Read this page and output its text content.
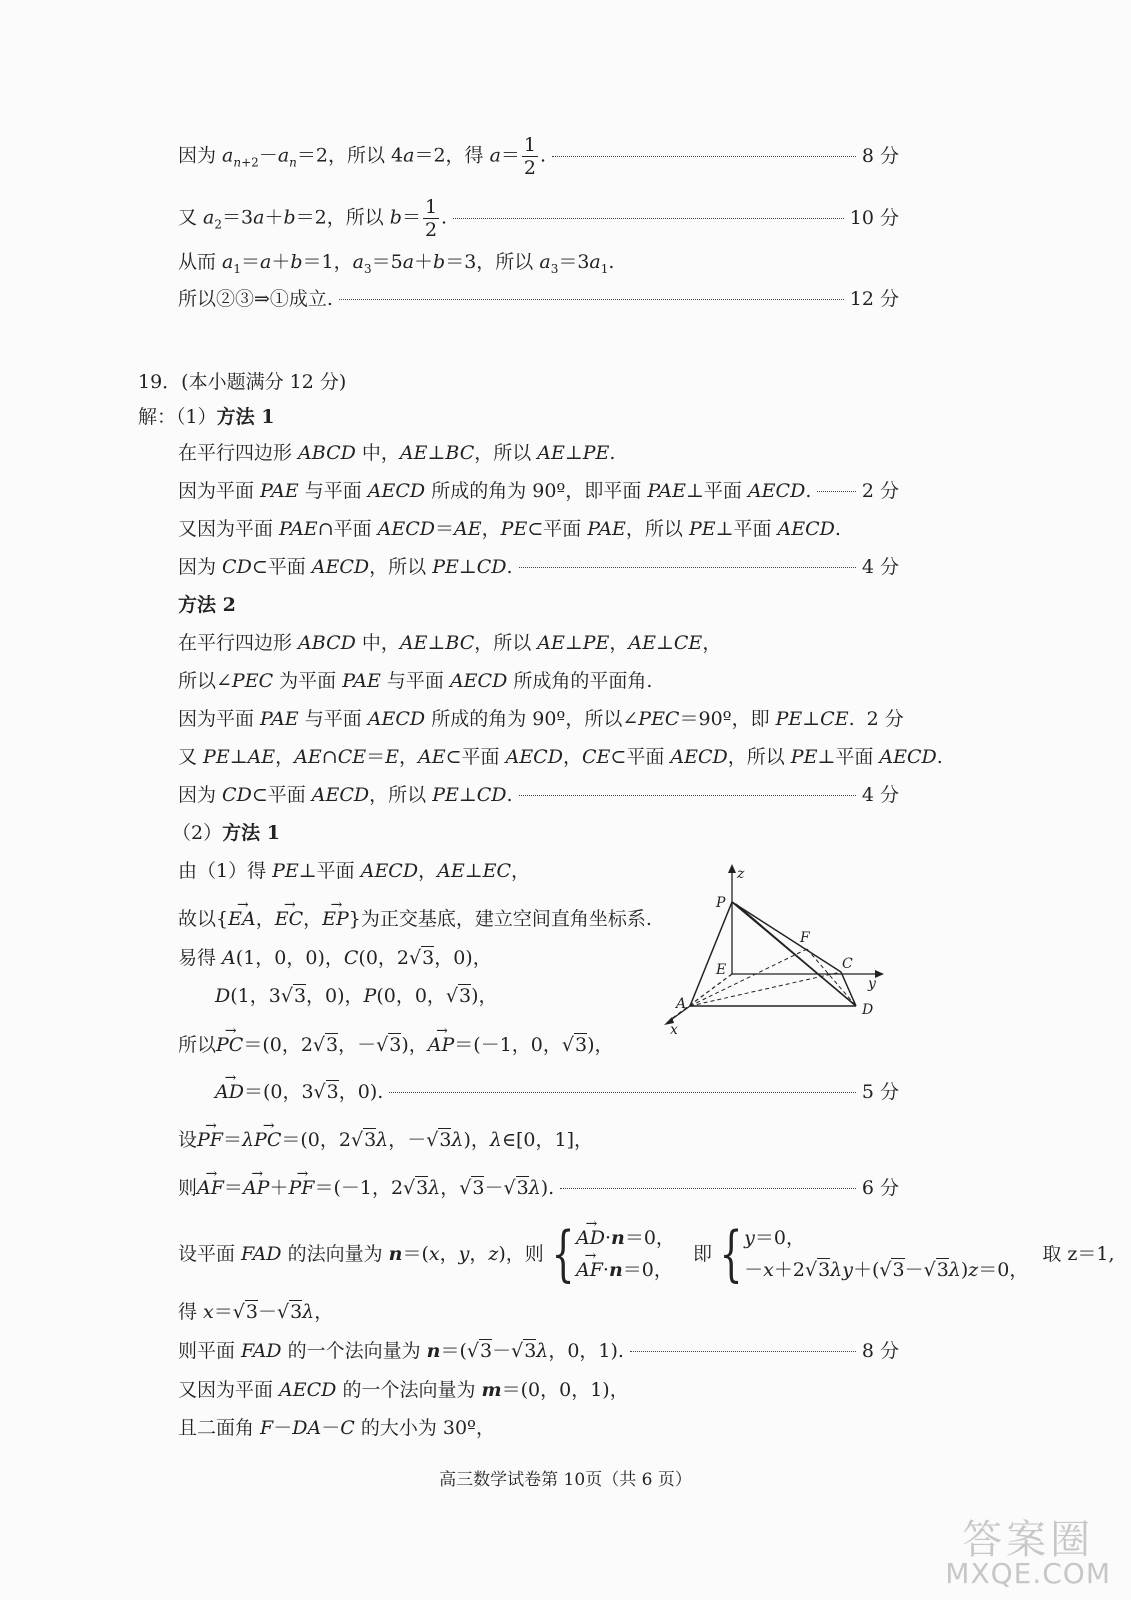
因为 $a_{n+2}-a_n=2$，所以 4a＝2，得 $a= \frac{1}{2}$ .	8 分
又 $a_2=3a+b=2$，所以 $b= \frac{1}{2}$ .	10 分
从而 $a_1=a+b=1$，$a_3=5a+b=3$，所以 $a_3=3a_1$.
所以②③⇒①成立.	12 分
19．(本小题满分 12 分)
解：（1）方法 1
在平行四边形 ABCD 中，AE⊥BC，所以 AE⊥PE.
因为平面 PAE 与平面 AECD 所成的角为 90º，即平面 PAE⊥平面 AECD.	2 分
又因为平面 PAE∩平面 AECD＝AE，PE⊂平面 PAE，所以 PE⊥平面 AECD.
因为 CD⊂平面 AECD，所以 PE⊥CD.	4 分
方法 2
在平行四边形 ABCD 中，AE⊥BC，所以 AE⊥PE，AE⊥CE，
所以∠PEC 为平面 PAE 与平面 AECD 所成角的平面角.
因为平面 PAE 与平面 AECD 所成的角为 90º，所以∠PEC＝90º，即 PE⊥CE. 2 分
又 PE⊥AE，AE∩CE＝E，AE⊂平面 AECD，CE⊂平面 AECD，所以 PE⊥平面 AECD.
因为 CD⊂平面 AECD，所以 PE⊥CD.	4 分
（2）方法 1
由（1）得 PE⊥平面 AECD，AE⊥EC，
故以{→ EA，→ EC，→ EP}为正交基底，建立空间直角坐标系.
易得 A(1，0，0)，C(0，2√3，0)，
D(1，3√3，0)，P(0，0，√3)，
所以→ PC＝(0，2√3，－√3)，→ AP＝(－1，0，√3)，
→ AD＝(0，3√3，0).	5 分
设→ PF＝λ→ PC＝(0，2√3λ，－√3λ)，λ∈[0，1]，
则→ AF＝→ AP＋→ PF＝(－1，2√3λ，√3－√3λ).	6 分
设平面 FAD 的法向量为 n＝(x，y，z)，则 {
→ AD·n＝0，
→ AF·n＝0，
即 { y＝0，
－x＋2√3λy＋(√3－√3λ)z＝0，
取 z＝1,
得 x＝√3－√3λ，
则平面 FAD 的一个法向量为 n＝(√3－√3λ，0，1).	8 分
又因为平面 AECD 的一个法向量为 m＝(0，0，1)，
且二面角 F－DA－C 的大小为 30º，
z
P
F
E	C
y
A	D
x
高三数学试卷第 10页（共 6 页）
答案圈
MXQE.COM
